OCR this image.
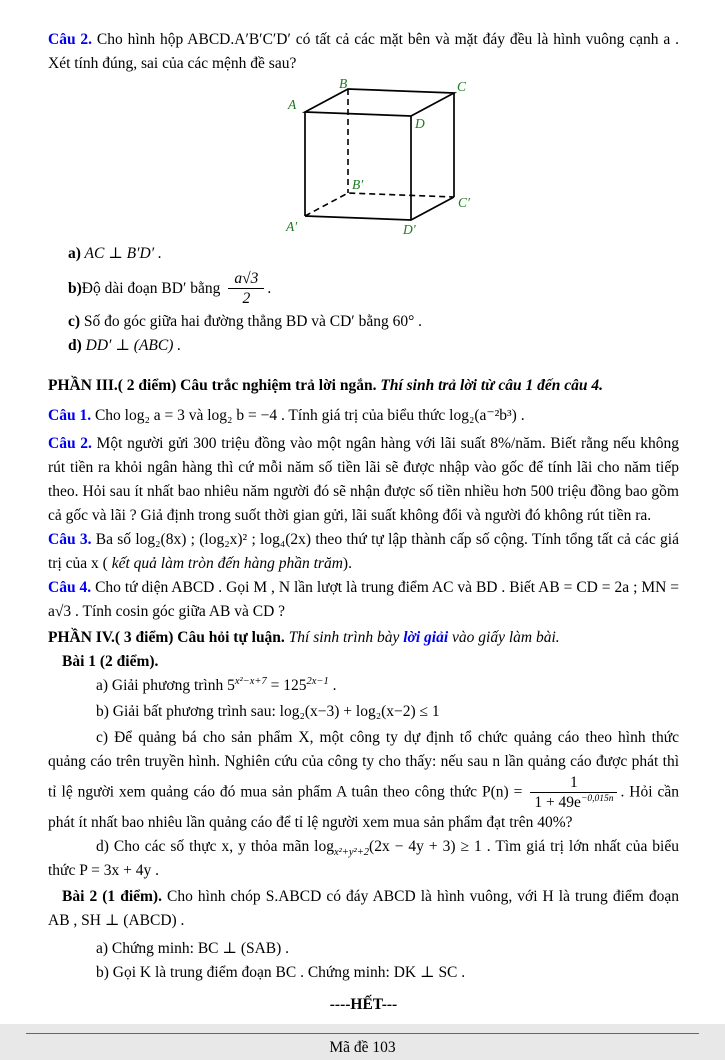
Câu 2. Cho hình hộp ABCD.A′B′C′D′ có tất cả các mặt bên và mặt đáy đều là hình vuông cạnh a . Xét tính đúng, sai của các mệnh đề sau?

A
B	C
D
A′
B′
C′
D′

a) AC ⊥ B′D′ .

b) Độ dài đoạn BD′ bằng $\frac{a√3}{2}$ .

c) Số đo góc giữa hai đường thẳng BD và CD′ bằng 60° .

d) DD′ ⊥ (ABC) .

PHẦN III.( 2 điểm) Câu trắc nghiệm trả lời ngắn. Thí sinh trả lời từ câu 1 đến câu 4.

Câu 1. Cho log₂ a = 3 và log₂ b = −4 . Tính giá trị của biểu thức log₂(a⁻²b³) .

Câu 2. Một người gửi 300 triệu đồng vào một ngân hàng với lãi suất 8%/năm. Biết rằng nếu không rút tiền ra khỏi ngân hàng thì cứ mỗi năm số tiền lãi sẽ được nhập vào gốc để tính lãi cho năm tiếp theo. Hỏi sau ít nhất bao nhiêu năm người đó sẽ nhận được số tiền nhiều hơn 500 triệu đồng bao gồm cả gốc và lãi ? Giả định trong suốt thời gian gửi, lãi suất không đổi và người đó không rút tiền ra.

Câu 3. Ba số log₂(8x) ; (log₂x)² ; log₄(2x) theo thứ tự lập thành cấp số cộng. Tính tổng tất cả các giá trị của x ( kết quả làm tròn đến hàng phần trăm).

Câu 4. Cho tứ diện ABCD . Gọi M , N lần lượt là trung điểm AC và BD . Biết AB = CD = 2a ; MN = a√3 . Tính cosin góc giữa AB và CD ?

PHẦN IV.( 3 điểm) Câu hỏi tự luận. Thí sinh trình bày lời giải vào giấy làm bài.

Bài 1 (2 điểm).

a) Giải phương trình $5^{x^2-x+7} = 125^{2x-1}$ .

b) Giải bất phương trình sau: log₂(x−3) + log₂(x−2) ≤ 1

c) Để quảng bá cho sản phẩm X, một công ty dự định tổ chức quảng cáo theo hình thức quảng cáo trên truyền hình. Nghiên cứu của công ty cho thấy: nếu sau n lần quảng cáo được phát thì tỉ lệ người xem quảng cáo đó mua sản phẩm A tuân theo công thức $P(n) = \frac{1}{1 + 49e^{-0,015n}}$ . Hỏi cần phát ít nhất bao nhiêu lần quảng cáo để tỉ lệ người xem mua sản phẩm đạt trên 40%?

d) Cho các số thực x, y thỏa mãn $\log_{x^2+y^2+2}(2x - 4y + 3) \ge 1$ . Tìm giá trị lớn nhất của biểu thức P = 3x + 4y .

Bài 2 (1 điểm). Cho hình chóp S.ABCD có đáy ABCD là hình vuông, với H là trung điểm đoạn AB , SH ⊥ (ABCD) .

a) Chứng minh: BC ⊥ (SAB) .

b) Gọi K là trung điểm đoạn BC . Chứng minh: DK ⊥ SC .

----HẾT---

Mã đề 103
